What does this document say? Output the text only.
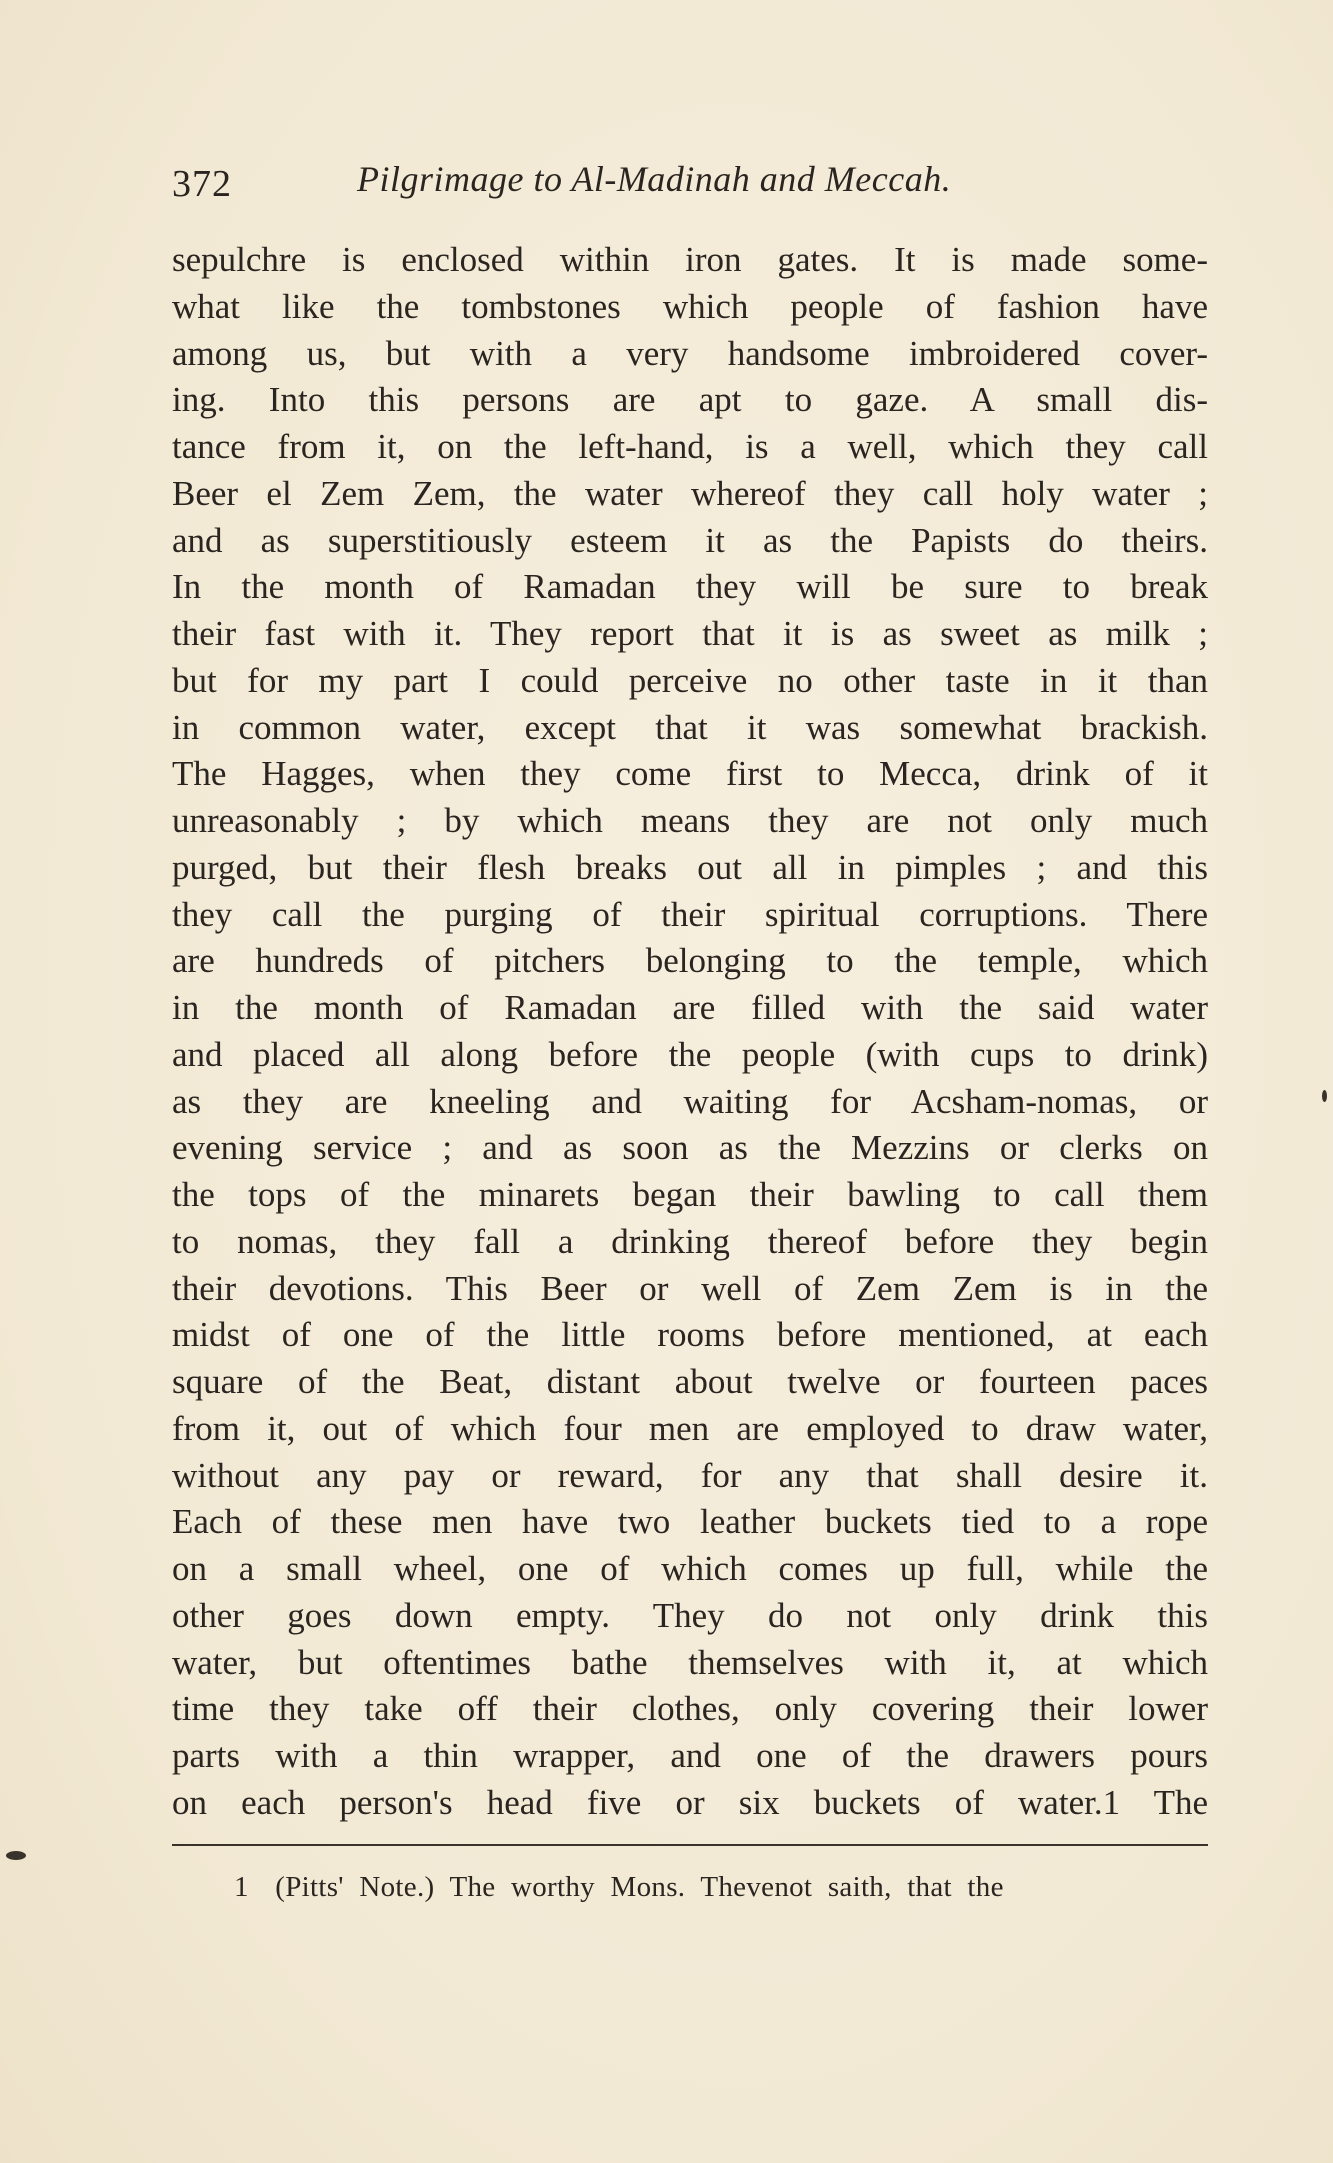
372	Pilgrimage to Al-Madinah and Meccah.
sepulchre is enclosed within iron gates. It is made some-
what like the tombstones which people of fashion have
among us, but with a very handsome imbroidered cover-
ing. Into this persons are apt to gaze. A small dis-
tance from it, on the left-hand, is a well, which they call
Beer el Zem Zem, the water whereof they call holy water ;
and as superstitiously esteem it as the Papists do theirs.
In the month of Ramadan they will be sure to break
their fast with it. They report that it is as sweet as milk ;
but for my part I could perceive no other taste in it than
in common water, except that it was somewhat brackish.
The Hagges, when they come first to Mecca, drink of it
unreasonably ; by which means they are not only much
purged, but their flesh breaks out all in pimples ; and this
they call the purging of their spiritual corruptions. There
are hundreds of pitchers belonging to the temple, which
in the month of Ramadan are filled with the said water
and placed all along before the people (with cups to drink)
as they are kneeling and waiting for Acsham-nomas, or
evening service ; and as soon as the Mezzins or clerks on
the tops of the minarets began their bawling to call them
to nomas, they fall a drinking thereof before they begin
their devotions. This Beer or well of Zem Zem is in the
midst of one of the little rooms before mentioned, at each
square of the Beat, distant about twelve or fourteen paces
from it, out of which four men are employed to draw water,
without any pay or reward, for any that shall desire it.
Each of these men have two leather buckets tied to a rope
on a small wheel, one of which comes up full, while the
other goes down empty. They do not only drink this
water, but oftentimes bathe themselves with it, at which
time they take off their clothes, only covering their lower
parts with a thin wrapper, and one of the drawers pours
on each person's head five or six buckets of water.1 The
1 (Pitts' Note.) The worthy Mons. Thevenot saith, that the
